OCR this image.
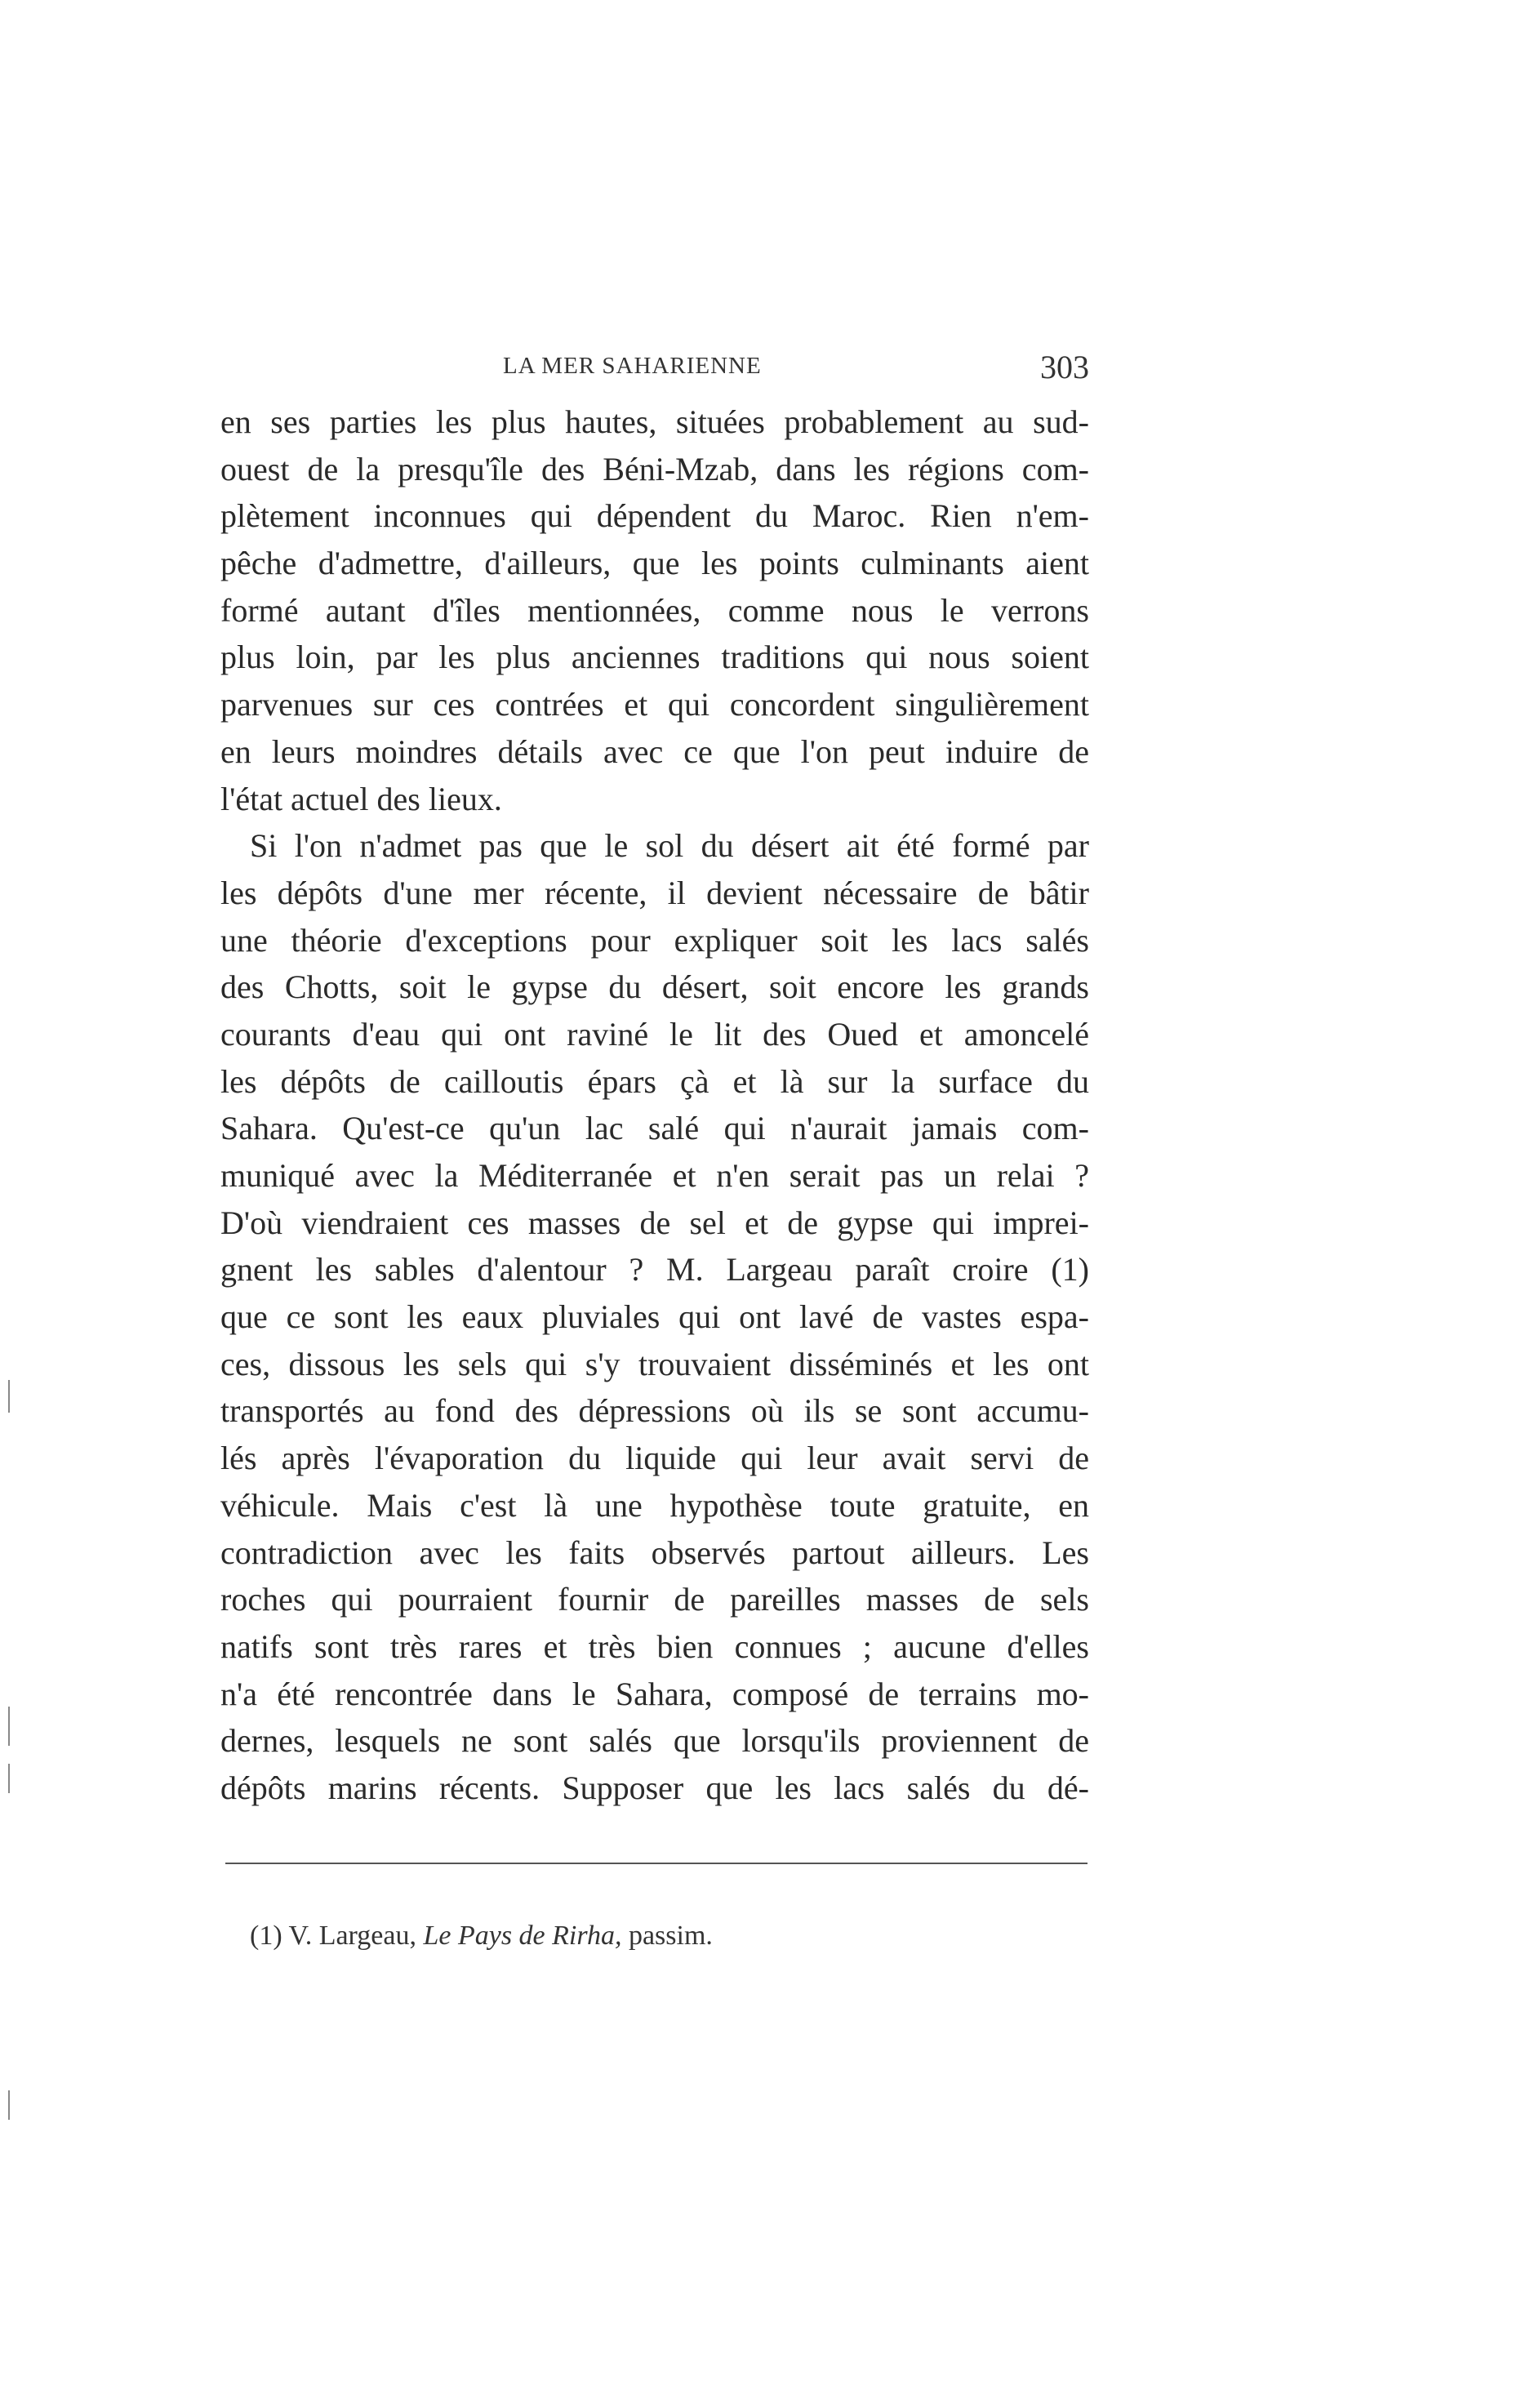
LA MER SAHARIENNE	303
en ses parties les plus hautes, situées probablement au sud-
ouest de la presqu'île des Béni-Mzab, dans les régions com-
plètement inconnues qui dépendent du Maroc. Rien n'em-
pêche d'admettre, d'ailleurs, que les points culminants aient
formé autant d'îles mentionnées, comme nous le verrons
plus loin, par les plus anciennes traditions qui nous soient
parvenues sur ces contrées et qui concordent singulièrement
en leurs moindres détails avec ce que l'on peut induire de
l'état actuel des lieux.
Si l'on n'admet pas que le sol du désert ait été formé par
les dépôts d'une mer récente, il devient nécessaire de bâtir
une théorie d'exceptions pour expliquer soit les lacs salés
des Chotts, soit le gypse du désert, soit encore les grands
courants d'eau qui ont raviné le lit des Oued et amoncelé
les dépôts de cailloutis épars çà et là sur la surface du
Sahara. Qu'est-ce qu'un lac salé qui n'aurait jamais com-
muniqué avec la Méditerranée et n'en serait pas un relai ?
D'où viendraient ces masses de sel et de gypse qui imprei-
gnent les sables d'alentour ? M. Largeau paraît croire (1)
que ce sont les eaux pluviales qui ont lavé de vastes espa-
ces, dissous les sels qui s'y trouvaient disséminés et les ont
transportés au fond des dépressions où ils se sont accumu-
lés après l'évaporation du liquide qui leur avait servi de
véhicule. Mais c'est là une hypothèse toute gratuite, en
contradiction avec les faits observés partout ailleurs. Les
roches qui pourraient fournir de pareilles masses de sels
natifs sont très rares et très bien connues ; aucune d'elles
n'a été rencontrée dans le Sahara, composé de terrains mo-
dernes, lesquels ne sont salés que lorsqu'ils proviennent de
dépôts marins récents. Supposer que les lacs salés du dé-
(1) V. Largeau, Le Pays de Rirha, passim.
